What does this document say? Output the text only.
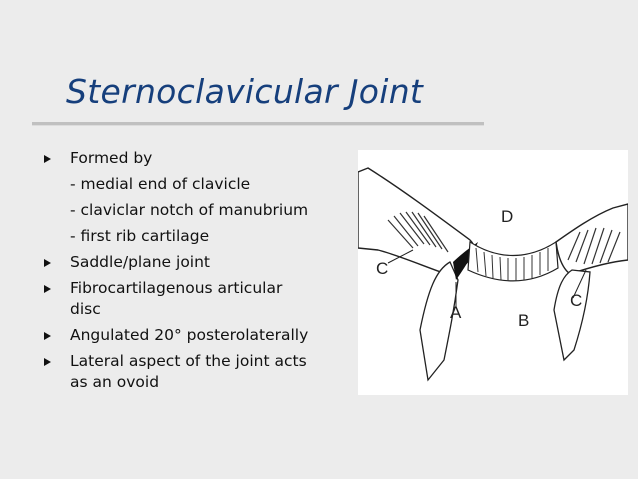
Sternoclavicular Joint
Formed by
- medial end of clavicle
- claviclar notch of manubrium
- first rib cartilage
Saddle/plane joint
Fibrocartilagenous articular
disc
Angulated 20° posterolaterally
Lateral aspect of the joint acts
as an ovoid
C
A	B
D
C
